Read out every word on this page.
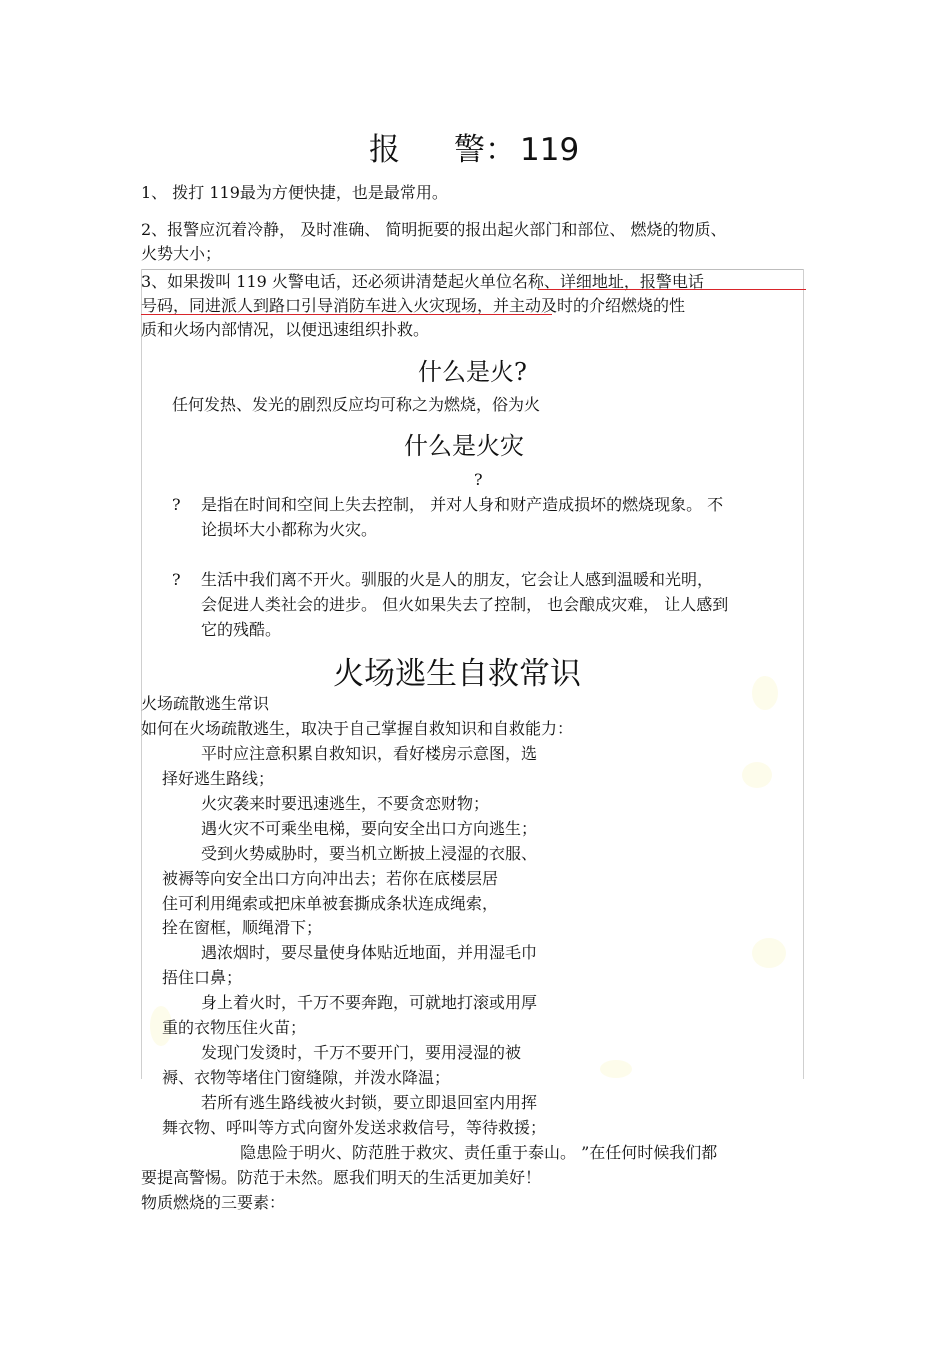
报 警： 119
1、 拨打 119最为方便快捷，也是最常用。
2、报警应沉着冷静， 及时准确、 简明扼要的报出起火部门和部位、 燃烧的物质、
火势大小；
3、如果拨叫 119 火警电话，还必须讲清楚起火单位名称、详细地址，报警电话
号码，同进派人到路口引导消防车进入火灾现场，并主动及时的介绍燃烧的性
质和火场内部情况，以便迅速组织扑救。
什么是火?
任何发热、发光的剧烈反应均可称之为燃烧，俗为火
什么是火灾
?
? 是指在时间和空间上失去控制， 并对人身和财产造成损坏的燃烧现象。 不
论损坏大小都称为火灾。
? 生活中我们离不开火。驯服的火是人的朋友，它会让人感到温暖和光明，
会促进人类社会的进步。 但火如果失去了控制， 也会酿成灾难， 让人感到
它的残酷。
火场逃生自救常识
火场疏散逃生常识
如何在火场疏散逃生，取决于自己掌握自救知识和自救能力：
平时应注意积累自救知识，看好楼房示意图，选
择好逃生路线；
火灾袭来时要迅速逃生，不要贪恋财物；
遇火灾不可乘坐电梯，要向安全出口方向逃生；
受到火势威胁时，要当机立断披上浸湿的衣服、
被褥等向安全出口方向冲出去；若你在底楼层居
住可利用绳索或把床单被套撕成条状连成绳索，
拴在窗框，顺绳滑下；
遇浓烟时，要尽量使身体贴近地面，并用湿毛巾
捂住口鼻；
身上着火时，千万不要奔跑，可就地打滚或用厚
重的衣物压住火苗；
发现门发烫时，千万不要开门，要用浸湿的被
褥、衣物等堵住门窗缝隙，并泼水降温；
若所有逃生路线被火封锁，要立即退回室内用挥
舞衣物、呼叫等方式向窗外发送求救信号，等待救援；
隐患险于明火、防范胜于救灾、责任重于泰山。 ”在任何时候我们都
要提高警惕。防范于未然。愿我们明天的生活更加美好！
物质燃烧的三要素：
